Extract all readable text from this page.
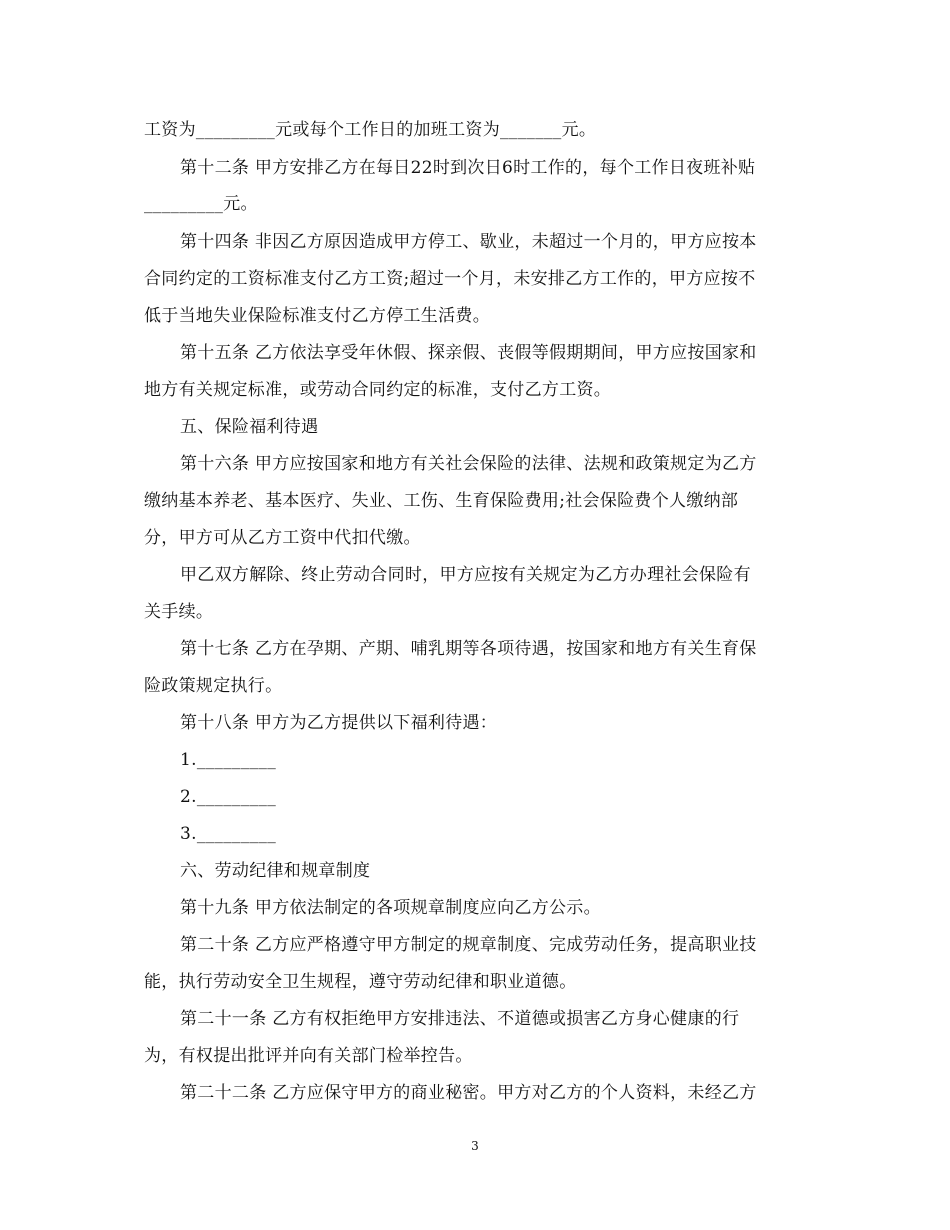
工资为_________元或每个工作日的加班工资为_______元。
第十二条 甲方安排乙方在每日22时到次日6时工作的，每个工作日夜班补贴
_________元。
第十四条 非因乙方原因造成甲方停工、歇业，未超过一个月的，甲方应按本
合同约定的工资标准支付乙方工资;超过一个月，未安排乙方工作的，甲方应按不
低于当地失业保险标准支付乙方停工生活费。
第十五条 乙方依法享受年休假、探亲假、丧假等假期期间，甲方应按国家和
地方有关规定标准，或劳动合同约定的标准，支付乙方工资。
五、保险福利待遇
第十六条 甲方应按国家和地方有关社会保险的法律、法规和政策规定为乙方
缴纳基本养老、基本医疗、失业、工伤、生育保险费用;社会保险费个人缴纳部
分，甲方可从乙方工资中代扣代缴。
甲乙双方解除、终止劳动合同时，甲方应按有关规定为乙方办理社会保险有
关手续。
第十七条 乙方在孕期、产期、哺乳期等各项待遇，按国家和地方有关生育保
险政策规定执行。
第十八条 甲方为乙方提供以下福利待遇：
1._________
2._________
3._________
六、劳动纪律和规章制度
第十九条 甲方依法制定的各项规章制度应向乙方公示。
第二十条 乙方应严格遵守甲方制定的规章制度、完成劳动任务，提高职业技
能，执行劳动安全卫生规程，遵守劳动纪律和职业道德。
第二十一条 乙方有权拒绝甲方安排违法、不道德或损害乙方身心健康的行
为，有权提出批评并向有关部门检举控告。
第二十二条 乙方应保守甲方的商业秘密。甲方对乙方的个人资料，未经乙方
3
